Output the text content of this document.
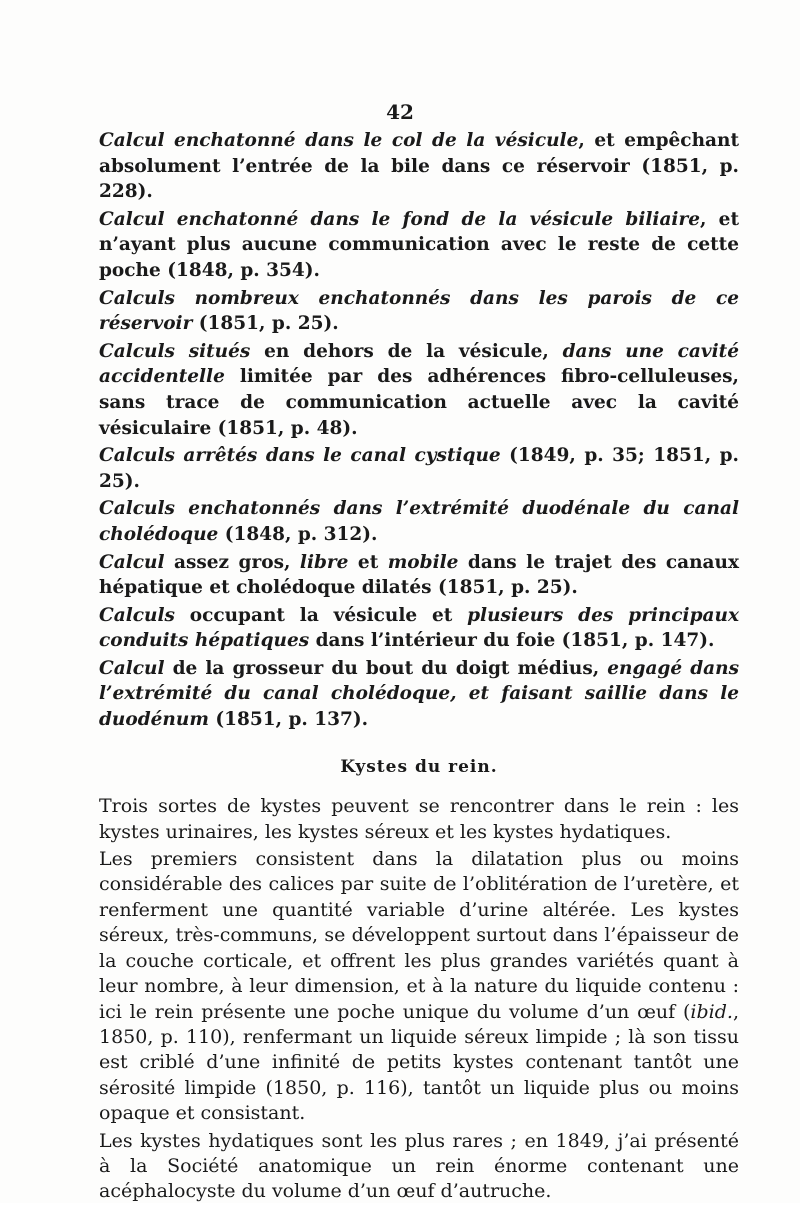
42

Calcul enchatonné dans le col de la vésicule, et empêchant absolument l’entrée de la bile dans ce réservoir (1851, p. 228).

Calcul enchatonné dans le fond de la vésicule biliaire, et n’ayant plus aucune communication avec le reste de cette poche (1848, p. 354).

Calculs nombreux enchatonnés dans les parois de ce réservoir (1851, p. 25).

Calculs situés en dehors de la vésicule, dans une cavité accidentelle limitée par des adhérences fibro-celluleuses, sans trace de communication actuelle avec la cavité vésiculaire (1851, p. 48).

Calculs arrêtés dans le canal cystique (1849, p. 35; 1851, p. 25).

Calculs enchatonnés dans l’extrémité duodénale du canal cholédoque (1848, p. 312).

Calcul assez gros, libre et mobile dans le trajet des canaux hépatique et cholédoque dilatés (1851, p. 25).

Calculs occupant la vésicule et plusieurs des principaux conduits hépatiques dans l’intérieur du foie (1851, p. 147).

Calcul de la grosseur du bout du doigt médius, engagé dans l’extrémité du canal cholédoque, et faisant saillie dans le duodénum (1851, p. 137).

Kystes du rein.

Trois sortes de kystes peuvent se rencontrer dans le rein : les kystes urinaires, les kystes séreux et les kystes hydatiques.

Les premiers consistent dans la dilatation plus ou moins considérable des calices par suite de l’oblitération de l’uretère, et renferment une quantité variable d’urine altérée. Les kystes séreux, très-communs, se développent surtout dans l’épaisseur de la couche corticale, et offrent les plus grandes variétés quant à leur nombre, à leur dimension, et à la nature du liquide contenu : ici le rein présente une poche unique du volume d’un œuf (ibid., 1850, p. 110), renfermant un liquide séreux limpide ; là son tissu est criblé d’une infinité de petits kystes contenant tantôt une sérosité limpide (1850, p. 116), tantôt un liquide plus ou moins opaque et consistant.

Les kystes hydatiques sont les plus rares ; en 1849, j’ai présenté à la Société anatomique un rein énorme contenant une acéphalocyste du volume d’un œuf d’autruche.
